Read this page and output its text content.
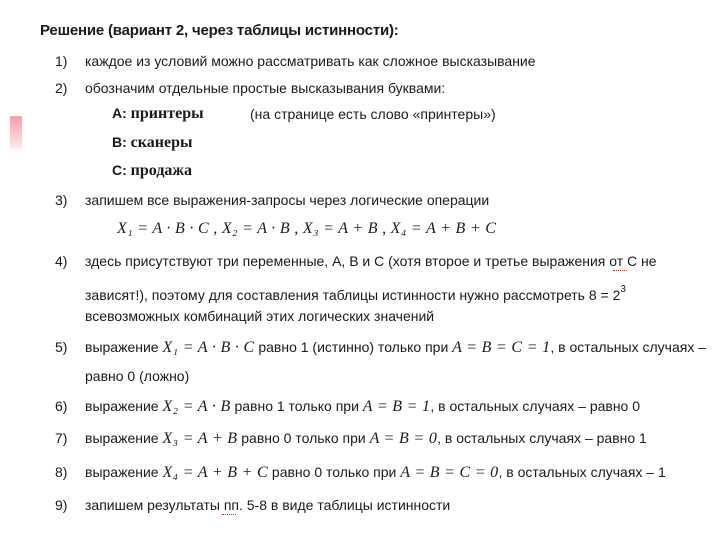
Решение (вариант 2, через таблицы истинности):
1) каждое из условий можно рассматривать как сложное высказывание
2) обозначим отдельные простые высказывания буквами:
А: принтеры	(на странице есть слово «принтеры»)
В: сканеры
С: продажа
3) запишем все выражения-запросы через логические операции
X₁ = A · B · C , X₂ = A · B , X₃ = A + B , X₄ = A + B + C
4) здесь присутствуют три переменные, А, В и С (хотя второе и третье выражения от С не
зависят!), поэтому для составления таблицы истинности нужно рассмотреть $8 = 2^3$
всевозможных комбинаций этих логических значений
5) выражение X₁ = A · B · C равно 1 (истинно) только при A = B = C = 1, в остальных случаях –
равно 0 (ложно)
6) выражение X₂ = A · B равно 1 только при A = B = 1, в остальных случаях – равно 0
7) выражение X₃ = A + B равно 0 только при A = B = 0, в остальных случаях – равно 1
8) выражение X₄ = A + B + C равно 0 только при A = B = C = 0, в остальных случаях – 1
9) запишем результаты пп. 5-8 в виде таблицы истинности
